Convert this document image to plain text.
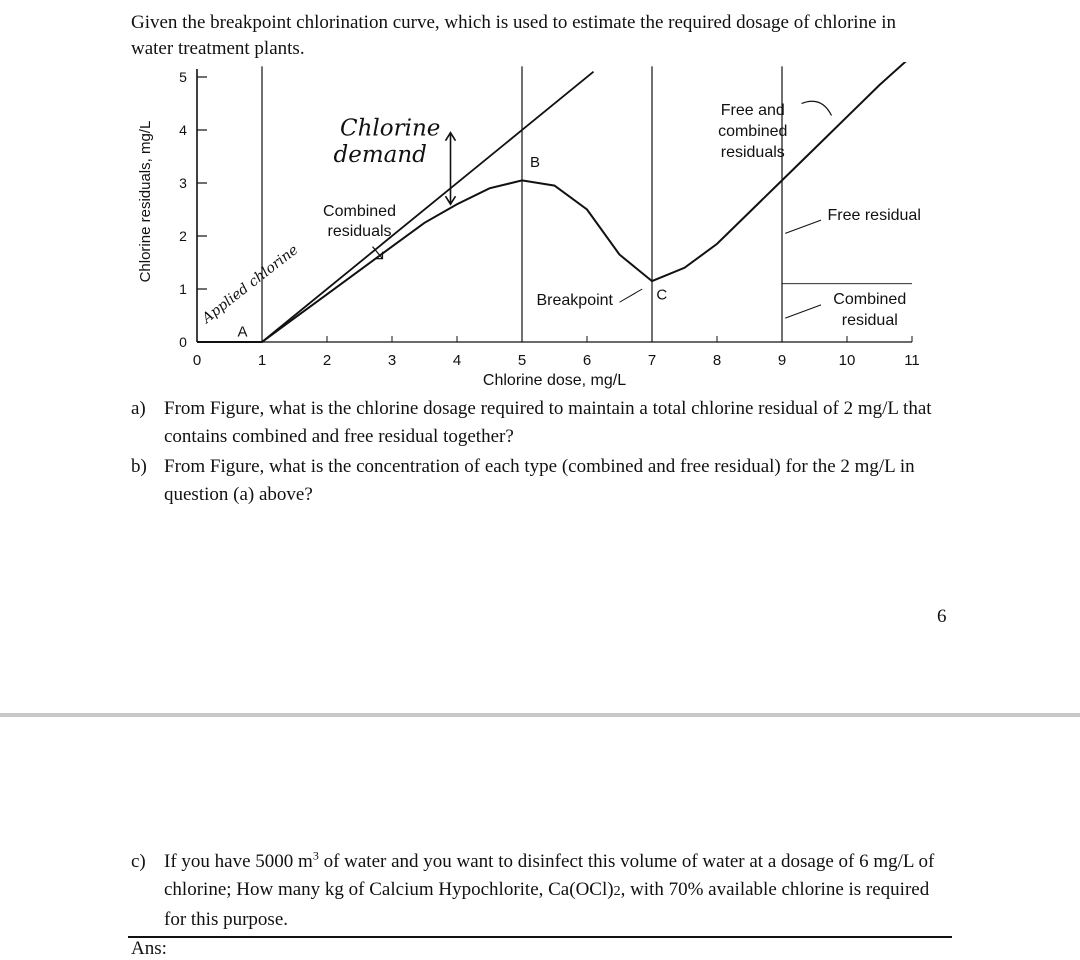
Given the breakpoint chlorination curve, which is used to estimate the required dosage of chlorine in water treatment plants.
0
1
2
3
4
5
0	1	2	3	4	5	6	7	8	9	10	11
Chlorine dose, mg/L
Chlorine residuals, mg/L
A
B
C
Breakpoint
Combined
residuals
Free and
combined
residuals
Free residual
Combined
residual
Chlorine
demand
Applied chlorine
a) From Figure, what is the chlorine dosage required to maintain a total chlorine residual of 2 mg/L that contains combined and free residual together?
b) From Figure, what is the concentration of each type (combined and free residual) for the 2 mg/L in question (a) above?
6
c) If you have 5000 $m^3$ of water and you want to disinfect this volume of water at a dosage of 6 mg/L of chlorine; How many kg of Calcium Hypochlorite, Ca(OCl)2, with 70% available chlorine is required for this purpose.
Ans:
